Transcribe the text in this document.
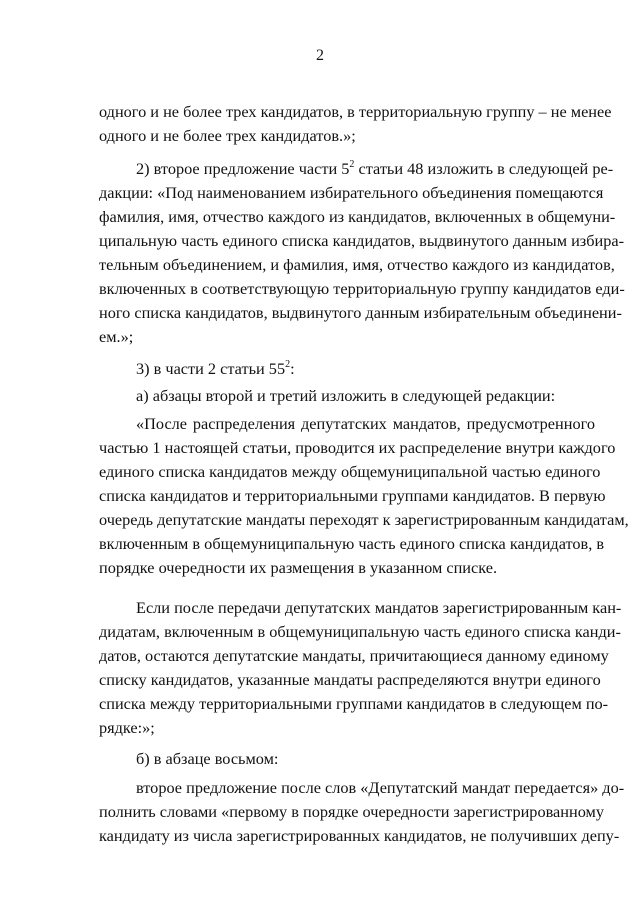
2
одного и не более трех кандидатов, в территориальную группу – не менее
одного и не более трех кандидатов.»;
2) второе предложение части $5^2$ статьи 48 изложить в следующей ре-
дакции: «Под наименованием избирательного объединения помещаются
фамилия, имя, отчество каждого из кандидатов, включенных в общемуни-
ципальную часть единого списка кандидатов, выдвинутого данным избира-
тельным объединением, и фамилия, имя, отчество каждого из кандидатов,
включенных в соответствующую территориальную группу кандидатов еди-
ного списка кандидатов, выдвинутого данным избирательным объединени-
ем.»;
3) в части 2 статьи $55^2$:
а) абзацы второй и третий изложить в следующей редакции:
«После распределения депутатских мандатов, предусмотренного
частью 1 настоящей статьи, проводится их распределение внутри каждого
единого списка кандидатов между общемуниципальной частью единого
списка кандидатов и территориальными группами кандидатов. В первую
очередь депутатские мандаты переходят к зарегистрированным кандидатам,
включенным в общемуниципальную часть единого списка кандидатов, в
порядке очередности их размещения в указанном списке.
Если после передачи депутатских мандатов зарегистрированным кан-
дидатам, включенным в общемуниципальную часть единого списка канди-
датов, остаются депутатские мандаты, причитающиеся данному единому
списку кандидатов, указанные мандаты распределяются внутри единого
списка между территориальными группами кандидатов в следующем по-
рядке:»;
б) в абзаце восьмом:
второе предложение после слов «Депутатский мандат передается» до-
полнить словами «первому в порядке очередности зарегистрированному
кандидату из числа зарегистрированных кандидатов, не получивших депу-
